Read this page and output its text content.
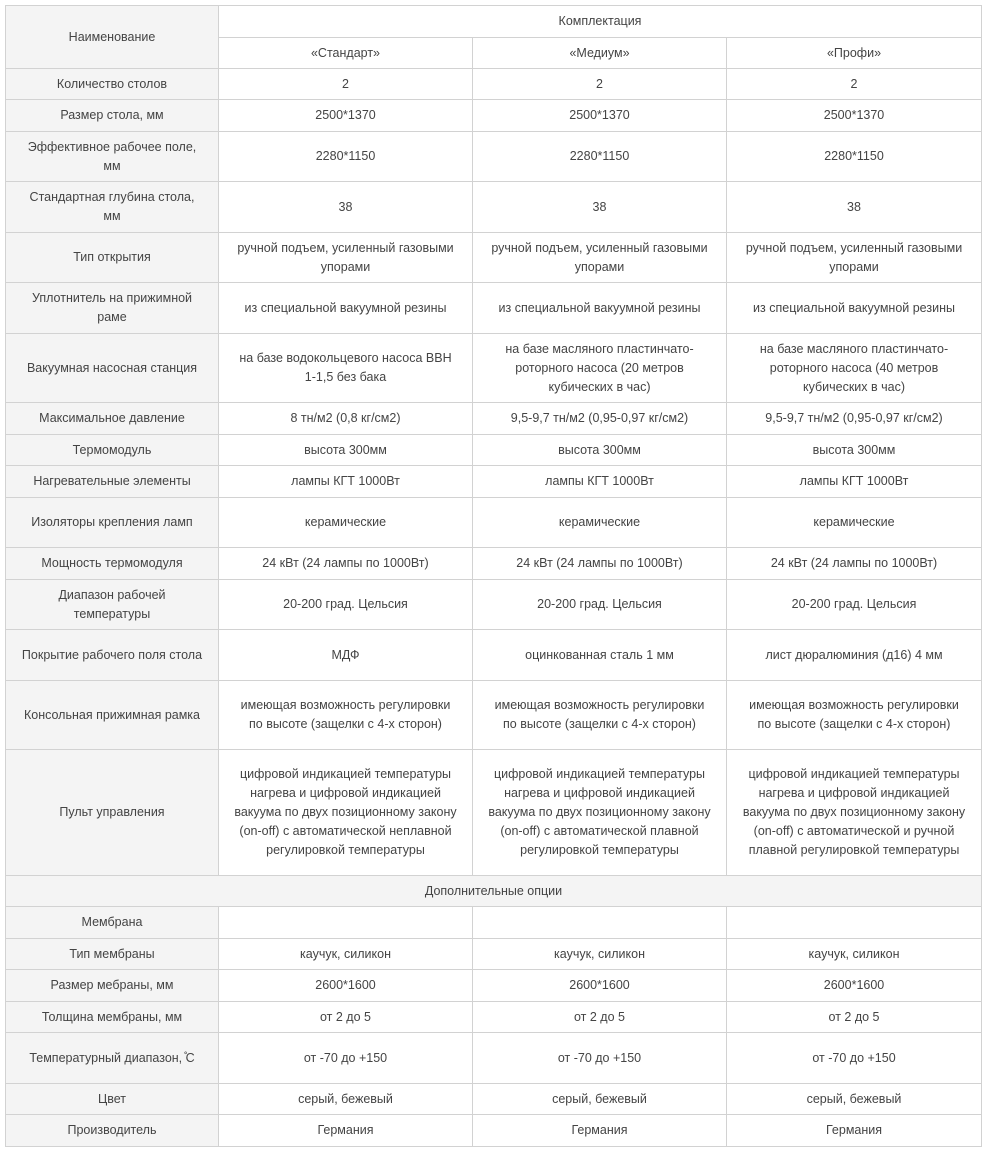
Наименование	Комплектация		
	«Стандарт»	«Медиум»	«Профи»
Количество столов	2	2	2
Размер стола, мм	2500*1370	2500*1370	2500*1370
Эффективное рабочее поле, мм	2280*1150	2280*1150	2280*1150
Стандартная глубина стола, мм	38	38	38
Тип открытия	ручной подъем, усиленный газовыми упорами	ручной подъем, усиленный газовыми упорами	ручной подъем, усиленный газовыми упорами
Уплотнитель на прижимной раме	из специальной вакуумной резины	из специальной вакуумной резины	из специальной вакуумной резины
Вакуумная насосная станция	на базе водокольцевого насоса ВВН 1-1,5 без бака	на базе масляного пластинчато-роторного насоса (20 метров кубических в час)	на базе масляного пластинчато-роторного насоса (40 метров кубических в час)
Максимальное давление	8 тн/м2 (0,8 кг/см2)	9,5-9,7 тн/м2 (0,95-0,97 кг/см2)	9,5-9,7 тн/м2 (0,95-0,97 кг/см2)
Термомодуль	высота 300мм	высота 300мм	высота 300мм
Нагревательные элементы	лампы КГТ 1000Вт	лампы КГТ 1000Вт	лампы КГТ 1000Вт
Изоляторы крепления ламп	керамические	керамические	керамические
Мощность термомодуля	24 кВт (24 лампы по 1000Вт)	24 кВт (24 лампы по 1000Вт)	24 кВт (24 лампы по 1000Вт)
Диапазон рабочей температуры	20-200 град. Цельсия	20-200 град. Цельсия	20-200 град. Цельсия
Покрытие рабочего поля стола	МДФ	оцинкованная сталь 1 мм	лист дюралюминия (д16) 4 мм
Консольная прижимная рамка	имеющая возможность регулировки по высоте (защелки с 4-х сторон)	имеющая возможность регулировки по высоте (защелки с 4-х сторон)	имеющая возможность регулировки по высоте (защелки с 4-х сторон)
Пульт управления	цифровой индикацией температуры нагрева и цифровой индикацией вакуума по двух позиционному закону (on-off) с автоматической неплавной регулировкой температуры	цифровой индикацией температуры нагрева и цифровой индикацией вакуума по двух позиционному закону (on-off) с автоматической плавной регулировкой температуры	цифровой индикацией температуры нагрева и цифровой индикацией вакуума по двух позиционному закону (on-off) с автоматической и ручной плавной регулировкой температуры
Дополнительные опции			
Мембрана			
Тип мембраны	каучук, силикон	каучук, силикон	каучук, силикон
Размер мебраны, мм	2600*1600	2600*1600	2600*1600
Толщина мембраны, мм	от 2 до 5	от 2 до 5	от 2 до 5
Температурный диапазон, ̊С	от -70 до +150	от -70 до +150	от -70 до +150
Цвет	серый, бежевый	серый, бежевый	серый, бежевый
Производитель	Германия	Германия	Германия
